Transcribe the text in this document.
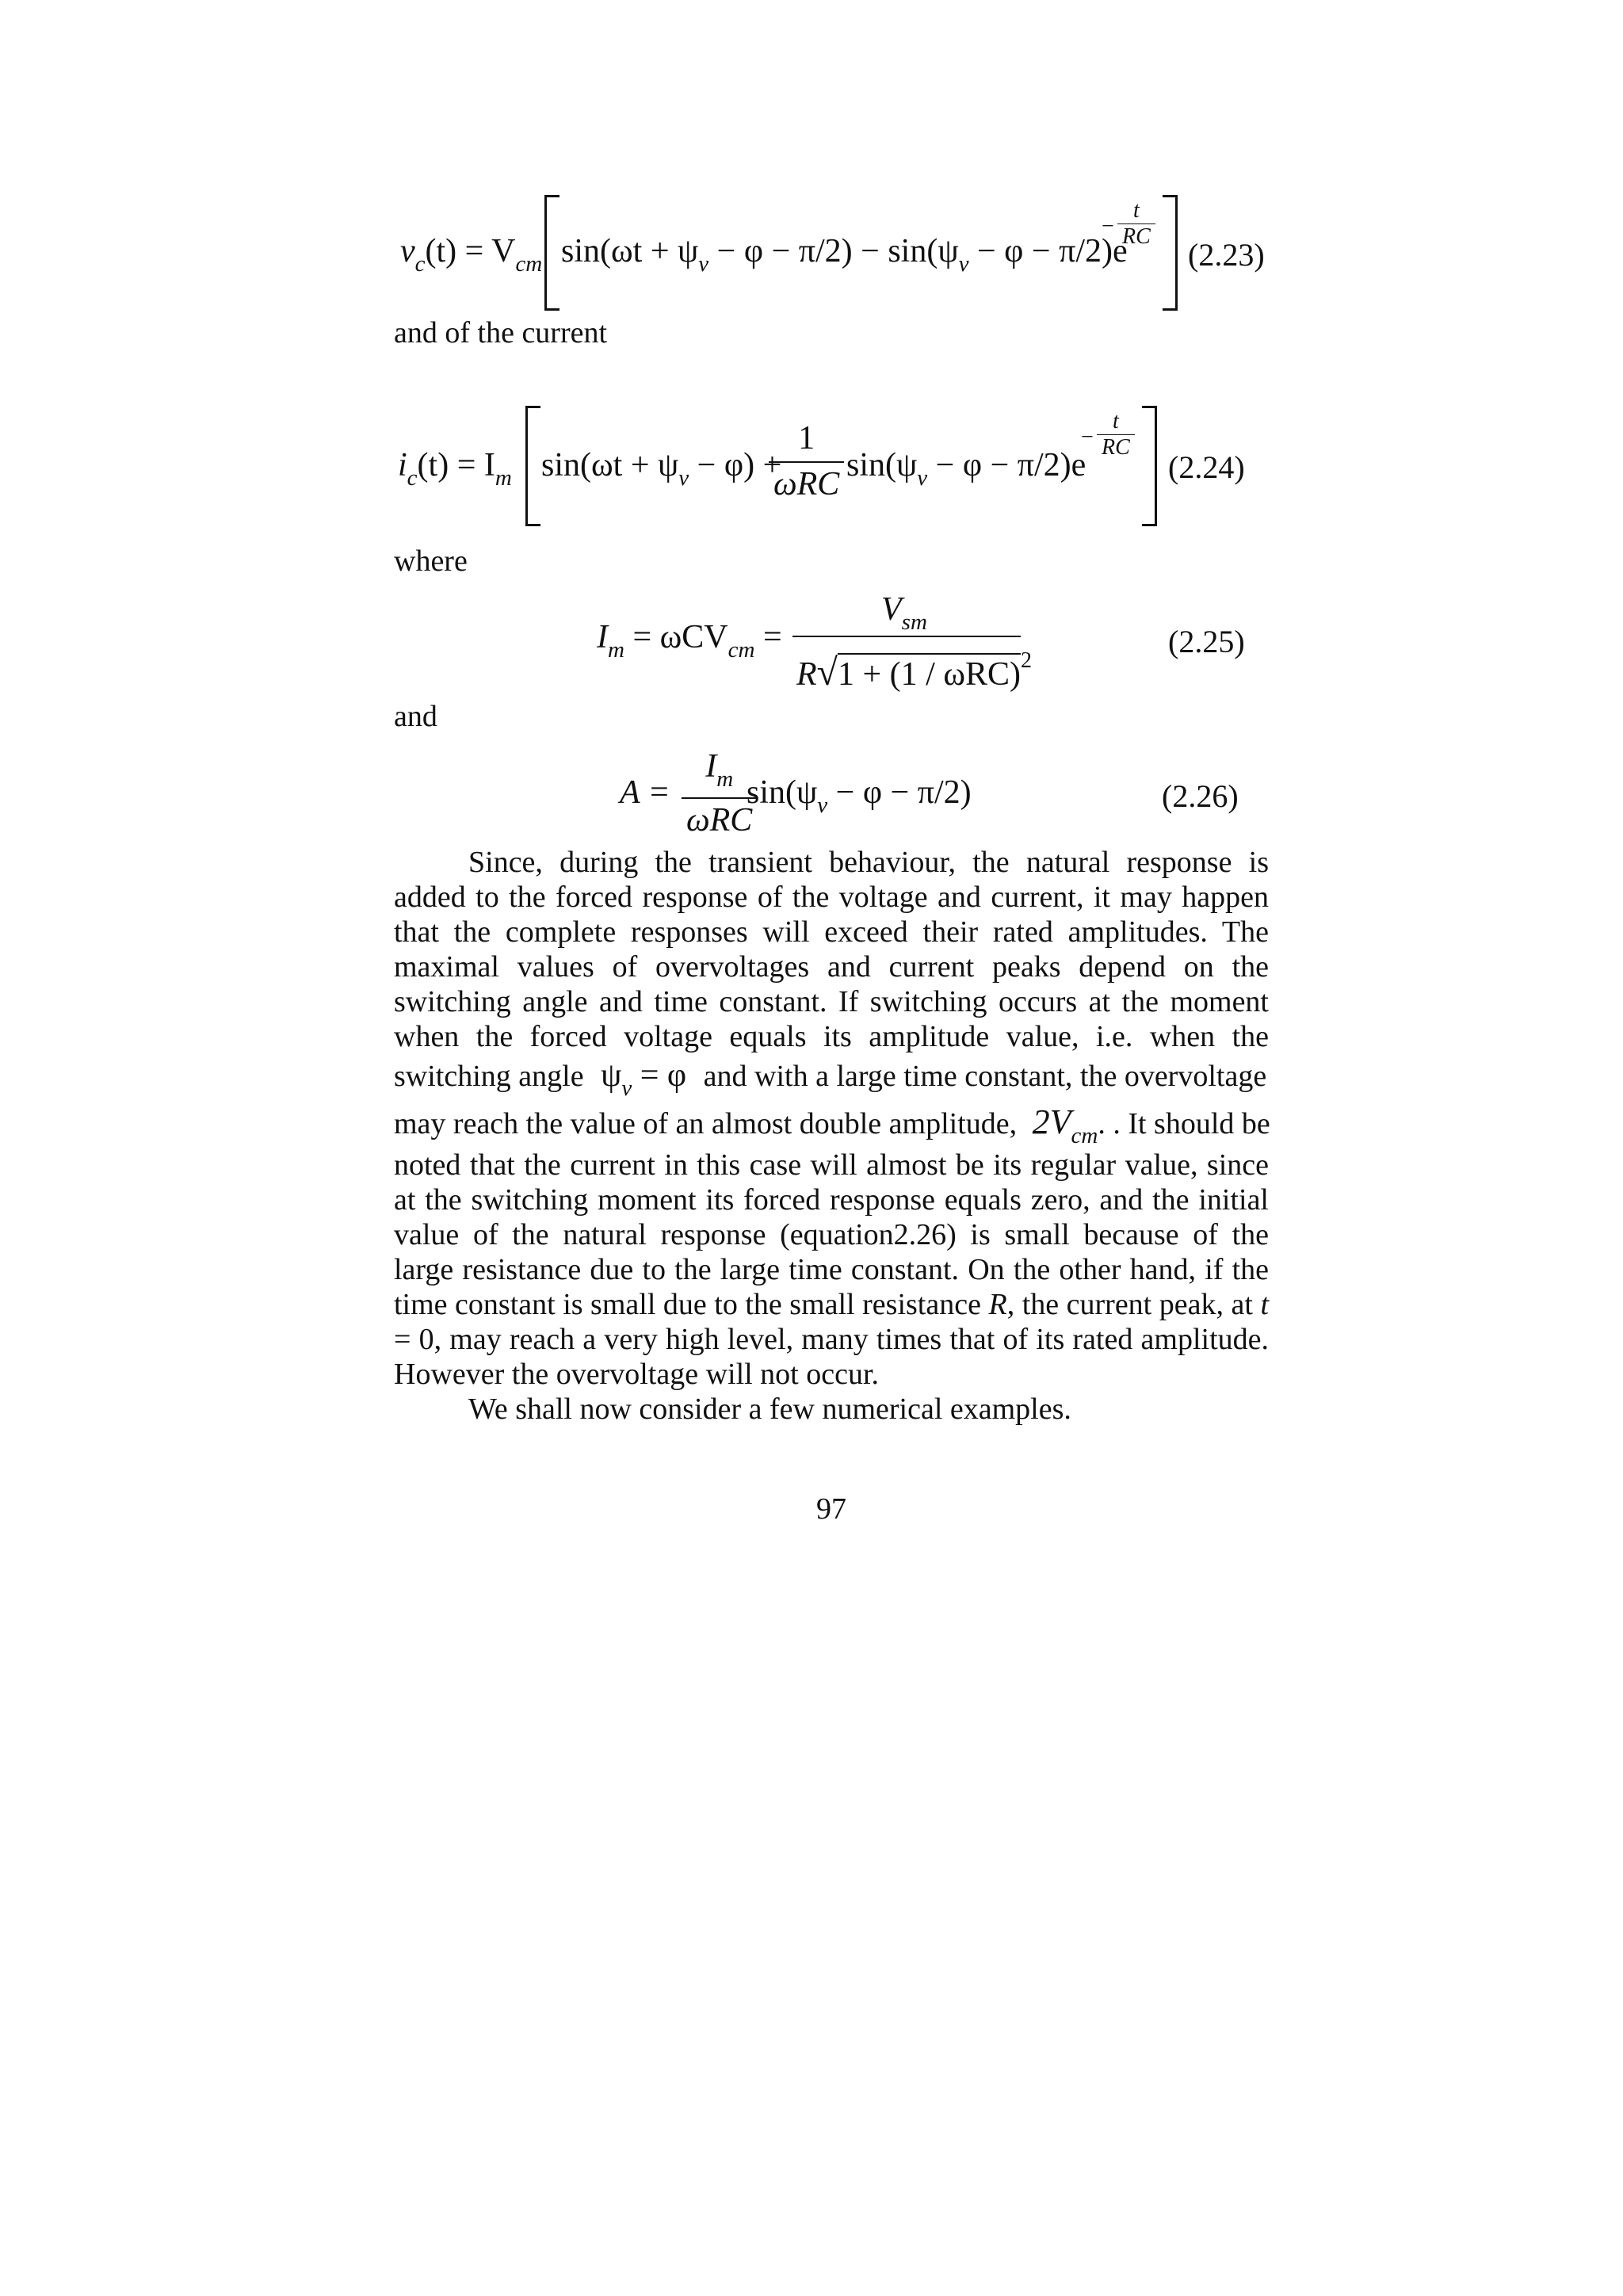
$v_c(t) = V_{cm}$ $\sin(\omega t + \psi_v - \varphi - \pi/2) - \sin(\psi_v - \varphi - \pi/2)e$
− $\frac{t}{RC}$
(2.23)
and of the current
$i_c(t) = I_m$ $\sin(\omega t + \psi_v - \varphi)$ +
$\frac{1}{\text{ωRC}} \sin(\psi_v - \varphi - \pi/2)e$
− $\frac{t}{RC}$
(2.24)
where
$I_m = \omega CV_{cm}$ =
$V_{sm}$
R√1 + (1 / ωRC)$^2$
(2.25)
and
$A = \frac{I_m}{\text{ωRC}}$
$\sin(\psi_v - \varphi - \pi/2)$	(2.26)
Since, during the transient behaviour, the natural response is
added to the forced response of the voltage and current, it may happen
that the complete responses will exceed their rated amplitudes. The
maximal values of overvoltages and current peaks depend on the
switching angle and time constant. If switching occurs at the moment
when the forced voltage equals its amplitude value, i.e. when the
switching angle $\psi_v = \varphi$ and with a large time constant, the overvoltage
may reach the value of an almost double amplitude, $2V_{cm}$. . It should be
noted that the current in this case will almost be its regular value, since
at the switching moment its forced response equals zero, and the initial
value of the natural response (equation2.26) is small because of the
large resistance due to the large time constant. On the other hand, if the
time constant is small due to the small resistance R, the current peak, at t
= 0, may reach a very high level, many times that of its rated amplitude.
However the overvoltage will not occur.
We shall now consider a few numerical examples.
97
